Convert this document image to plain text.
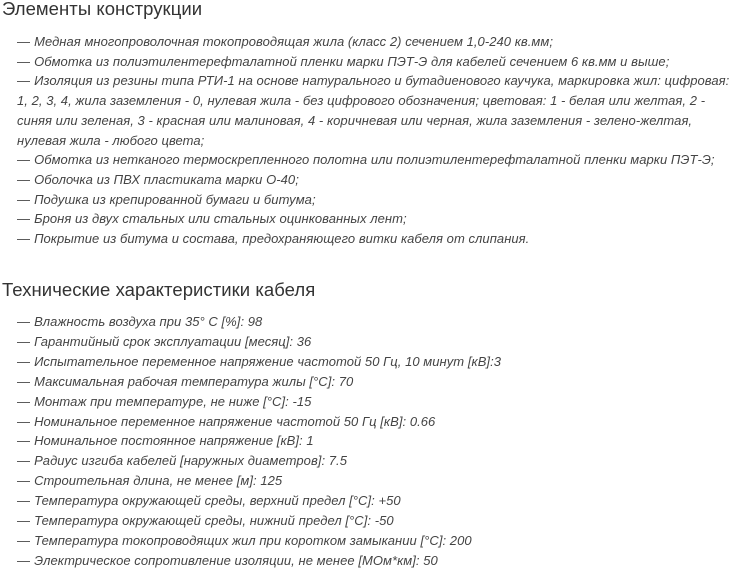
Элементы конструкции
— Медная многопроволочная токопроводящая жила (класс 2) сечением 1,0-240 кв.мм;
— Обмотка из полиэтилентерефталатной пленки марки ПЭТ-Э для кабелей сечением 6 кв.мм и выше;
— Изоляция из резины типа РТИ-1 на основе натурального и бутадиенового каучука, маркировка жил: цифровая: 1, 2, 3, 4, жила заземления - 0, нулевая жила - без цифрового обозначения; цветовая: 1 - белая или желтая, 2 - синяя или зеленая, 3 - красная или малиновая, 4 - коричневая или черная, жила заземления - зелено-желтая, нулевая жила - любого цвета;
— Обмотка из нетканого термоскрепленного полотна или полиэтилентерефталатной пленки марки ПЭТ-Э;
— Оболочка из ПВХ пластиката марки О-40;
— Подушка из крепированной бумаги и битума;
— Броня из двух стальных или стальных оцинкованных лент;
— Покрытие из битума и состава, предохраняющего витки кабеля от слипания.
Технические характеристики кабеля
— Влажность воздуха при 35° С [%]: 98
— Гарантийный срок эксплуатации [месяц]: 36
— Испытательное переменное напряжение частотой 50 Гц, 10 минут [кВ]:3
— Максимальная рабочая температура жилы [°C]: 70
— Монтаж при температуре, не ниже [°C]: -15
— Номинальное переменное напряжение частотой 50 Гц [кВ]: 0.66
— Номинальное постоянное напряжение [кВ]: 1
— Радиус изгиба кабелей [наружных диаметров]: 7.5
— Строительная длина, не менее [м]: 125
— Температура окружающей среды, верхний предел [°C]: +50
— Температура окружающей среды, нижний предел [°C]: -50
— Температура токопроводящих жил при коротком замыкании [°C]: 200
— Электрическое сопротивление изоляции, не менее [МОм*км]: 50
